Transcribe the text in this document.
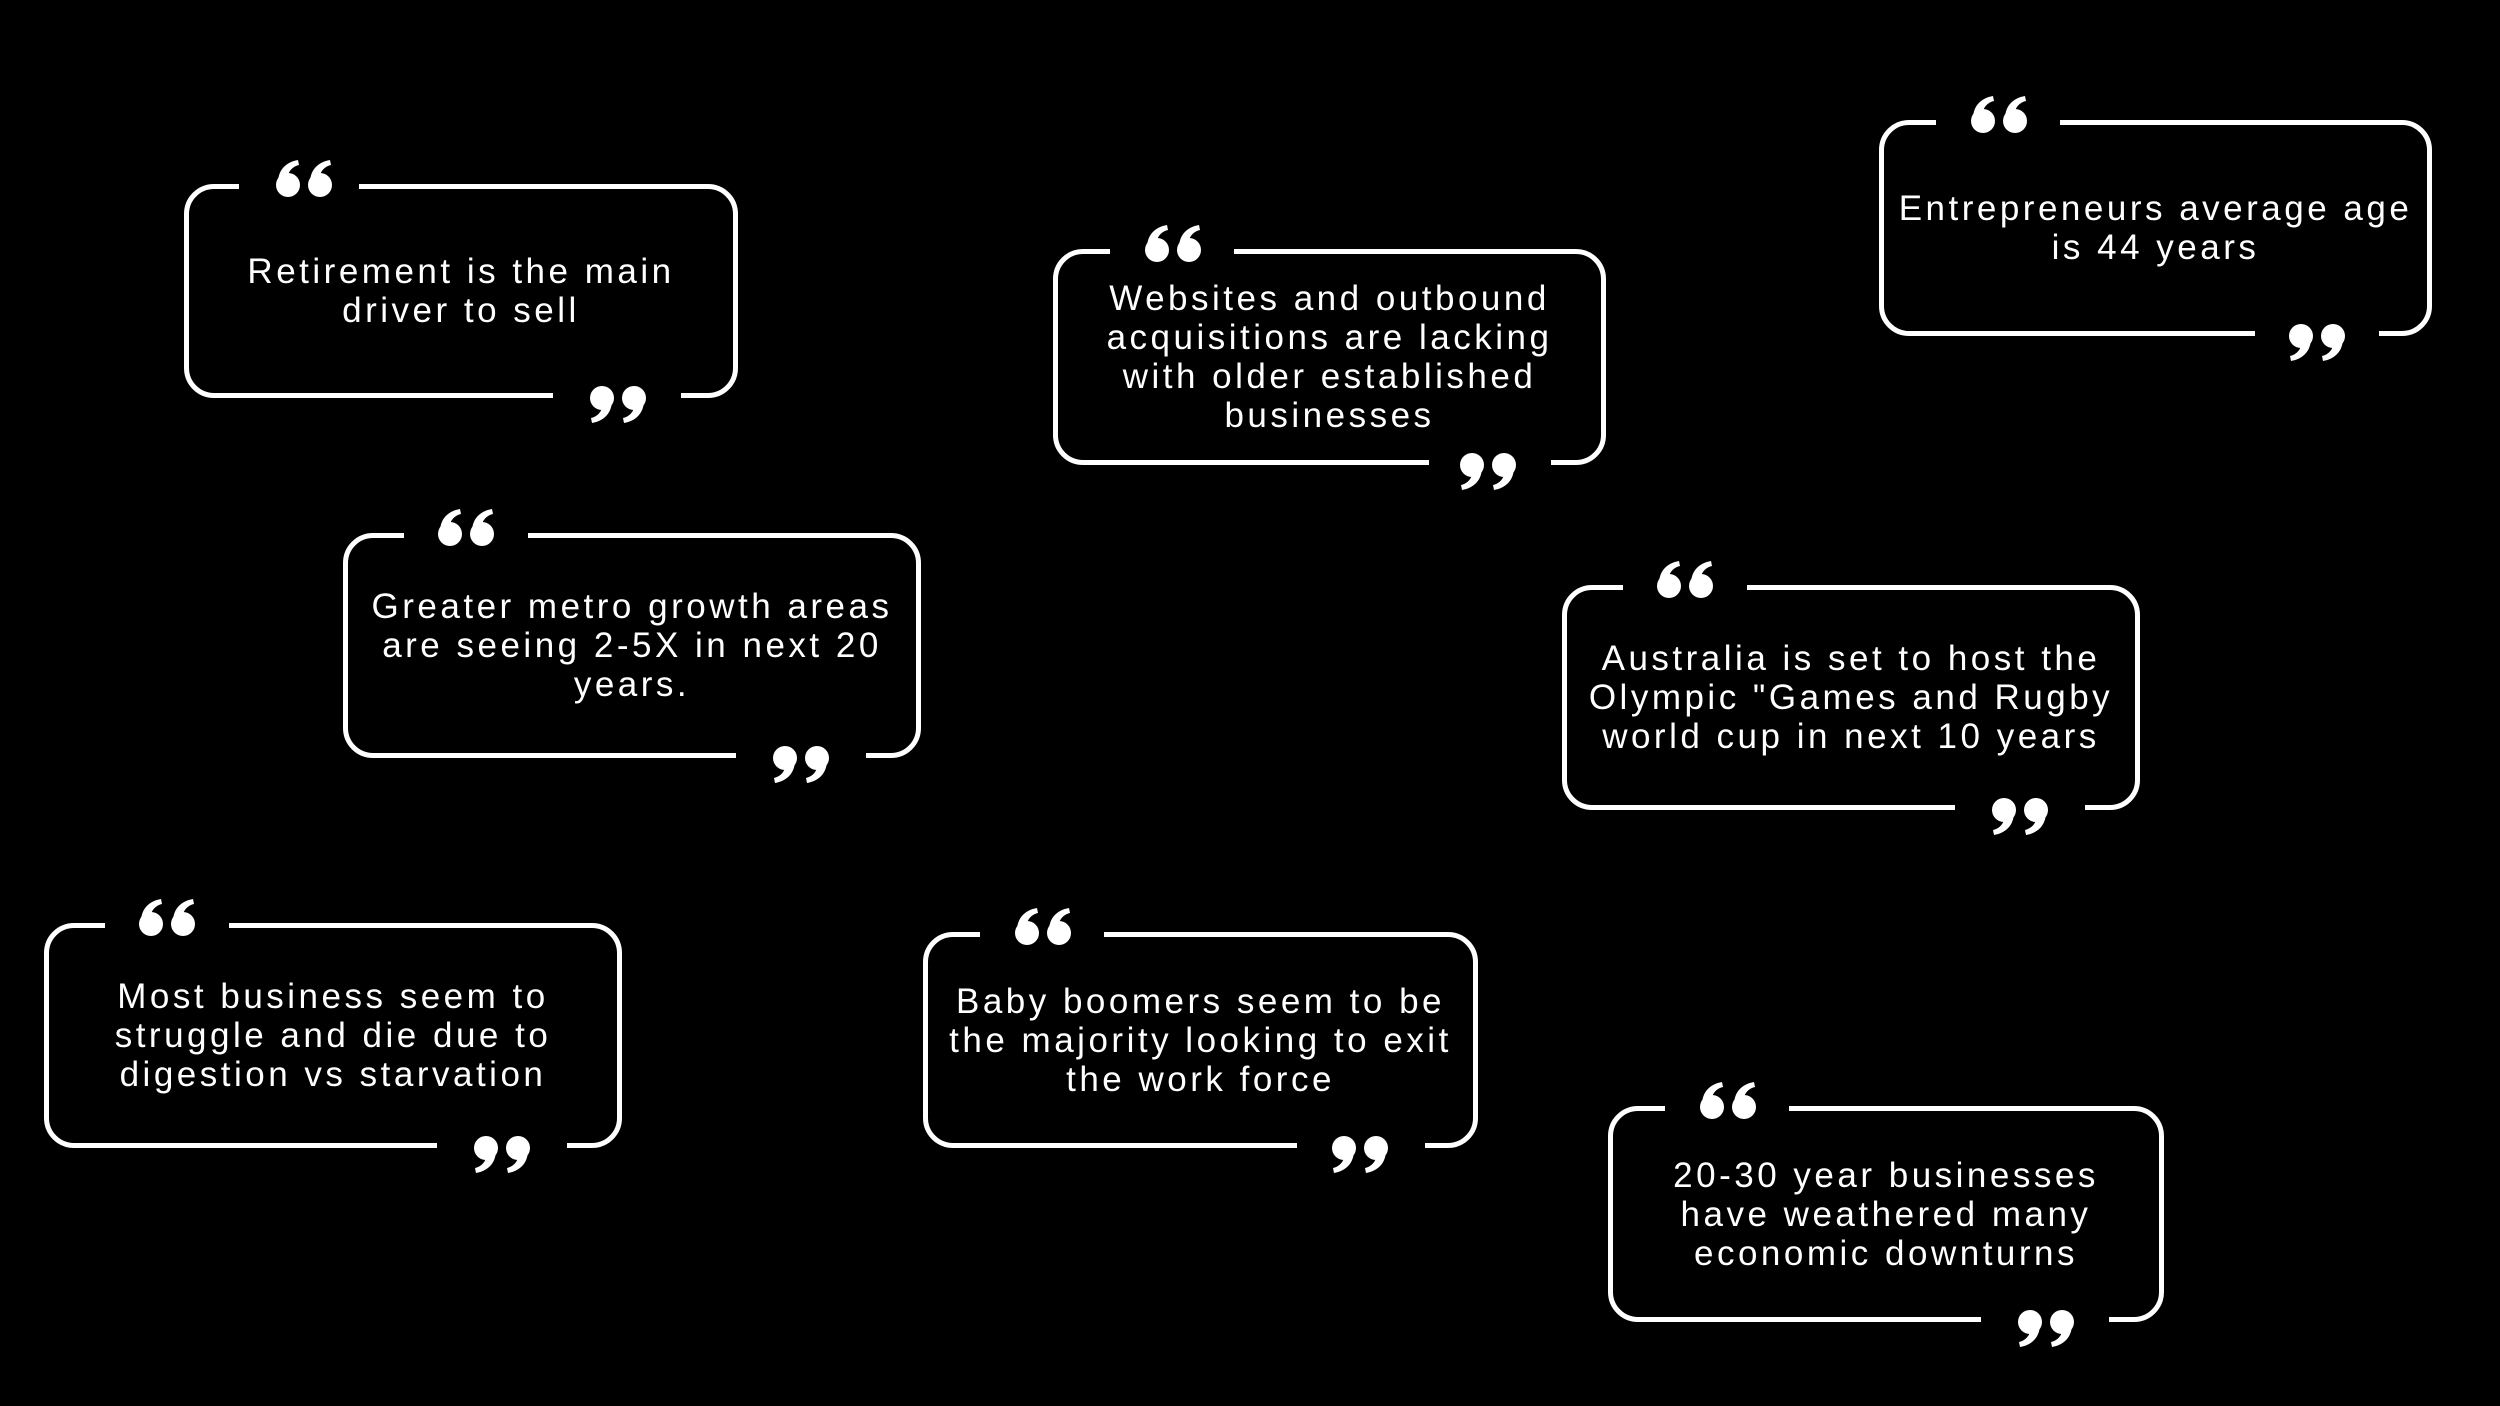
Retirement is the main driver to sell	Websites and outbound acquisitions are lacking with older established businesses

Entrepreneurs average age is 44 years

Greater metro growth areas are seeing 2-5X in next 20 years.

Australia is set to host the Olympic "Games and Rugby world cup in next 10 years

Most business seem to struggle and die due to digestion vs starvation

Baby boomers seem to be the majority looking to exit the work force

20-30 year businesses have weathered many economic downturns
